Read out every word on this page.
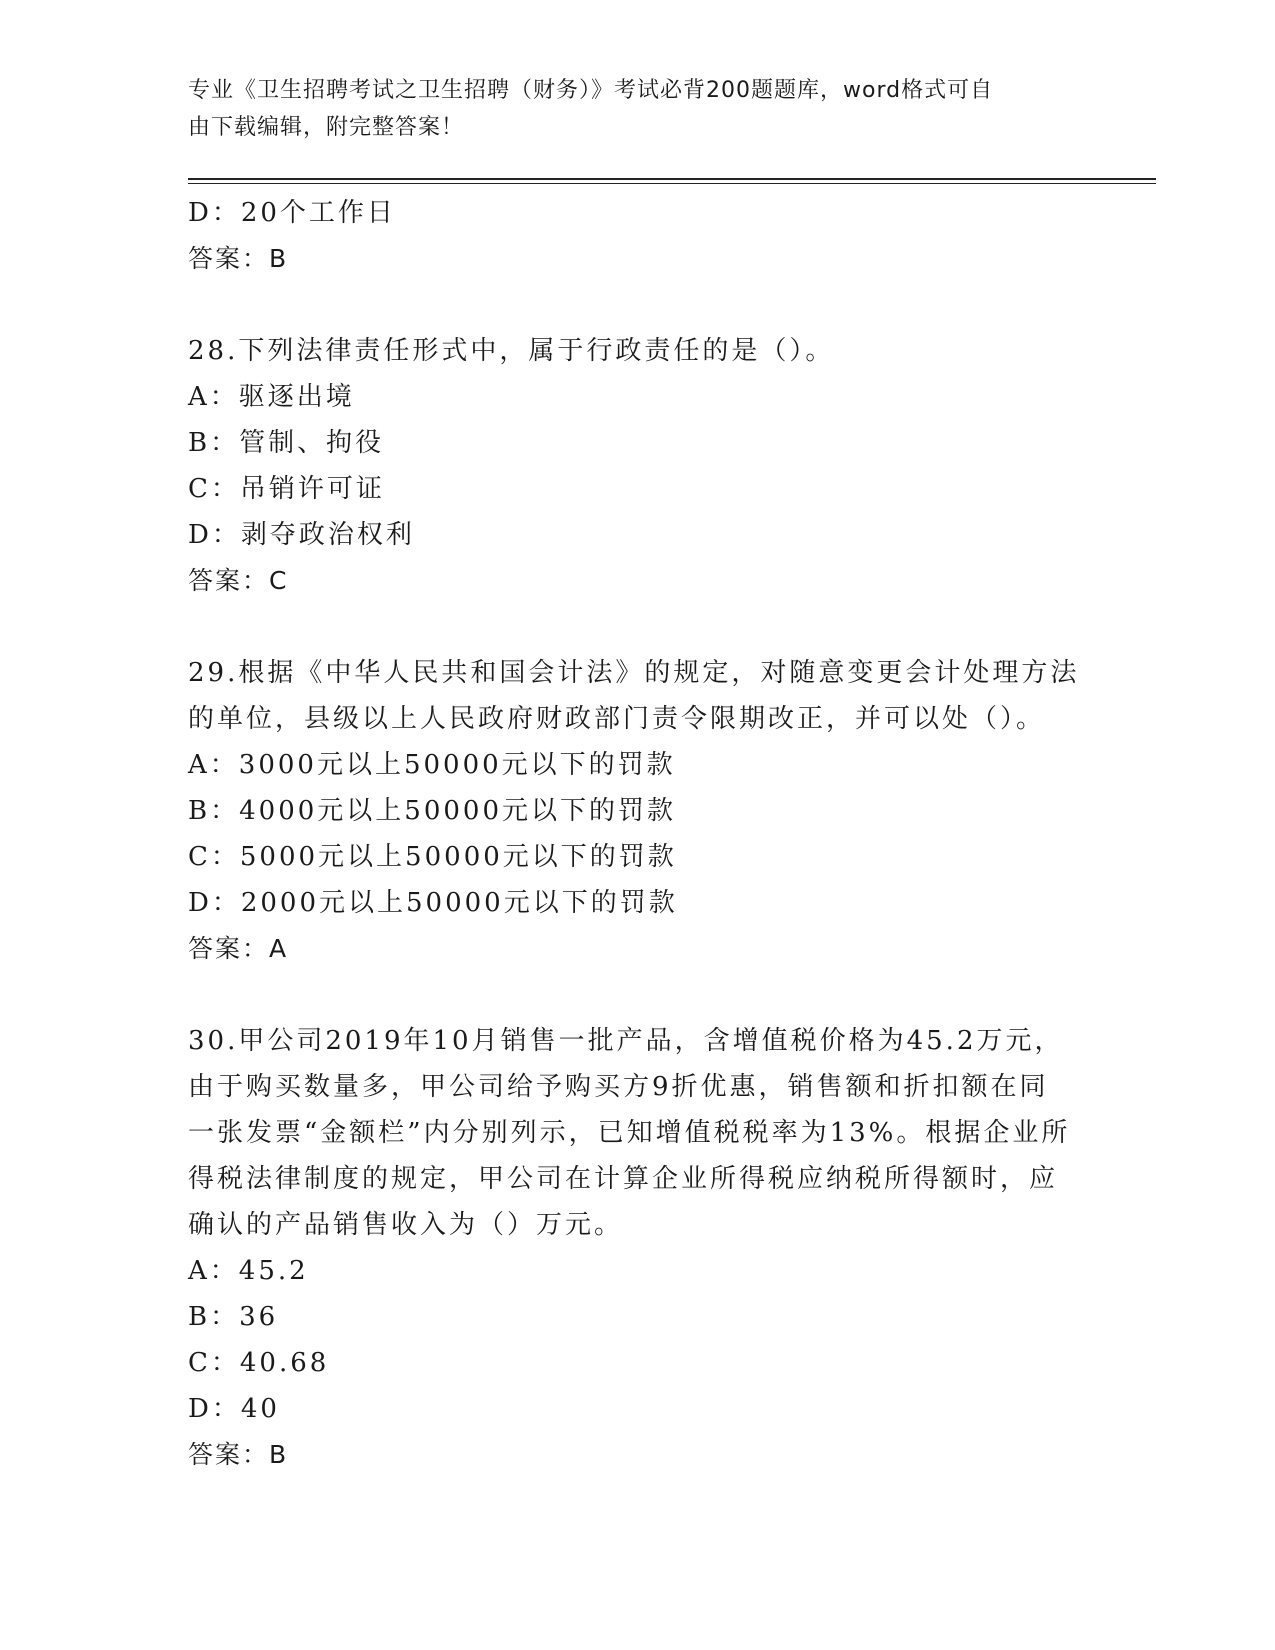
专业《卫生招聘考试之卫生招聘（财务）》考试必背200题题库，word格式可自
由下载编辑，附完整答案！

D：20个工作日

答案：B

28.下列法律责任形式中，属于行政责任的是（）。

A：驱逐出境

B：管制、拘役

C：吊销许可证

D：剥夺政治权利

答案：C

29.根据《中华人民共和国会计法》的规定，对随意变更会计处理方法

的单位，县级以上人民政府财政部门责令限期改正，并可以处（）。

A：3000元以上50000元以下的罚款

B：4000元以上50000元以下的罚款

C：5000元以上50000元以下的罚款

D：2000元以上50000元以下的罚款

答案：A

30.甲公司2019年10月销售一批产品，含增值税价格为45.2万元，

由于购买数量多，甲公司给予购买方9折优惠，销售额和折扣额在同

一张发票“金额栏”内分别列示，已知增值税税率为13%。根据企业所

得税法律制度的规定，甲公司在计算企业所得税应纳税所得额时，应

确认的产品销售收入为（）万元。

A：45.2

B：36

C：40.68

D：40

答案：B
